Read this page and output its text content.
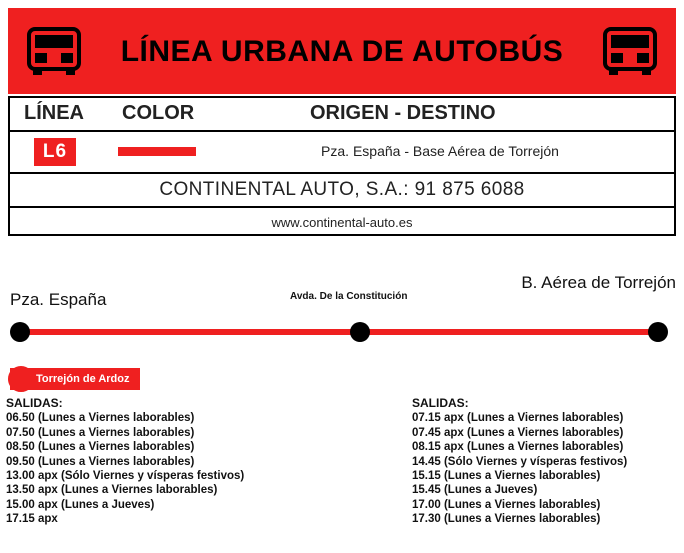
LÍNEA URBANA DE AUTOBÚS
LÍNEA COLOR	ORIGEN - DESTINO
L6	Pza. España - Base Aérea de Torrejón
CONTINENTAL AUTO, S.A.: 91 875 6088
www.continental-auto.es
Pza. España	Avda. De la Constitución
B. Aérea de Torrejón
Torrejón de Ardoz
SALIDAS:
06.50 (Lunes a Viernes laborables)
07.50 (Lunes a Viernes laborables)
08.50 (Lunes a Viernes laborables)
09.50 (Lunes a Viernes laborables)
13.00 apx (Sólo Viernes y vísperas festivos)
13.50 apx (Lunes a Viernes laborables)
15.00 apx (Lunes a Jueves)
17.15 apx
SALIDAS:
07.15 apx (Lunes a Viernes laborables)
07.45 apx (Lunes a Viernes laborables)
08.15 apx (Lunes a Viernes laborables)
14.45 (Sólo Viernes y vísperas festivos)
15.15 (Lunes a Viernes laborables)
15.45 (Lunes a Jueves)
17.00 (Lunes a Viernes laborables)
17.30 (Lunes a Viernes laborables)
